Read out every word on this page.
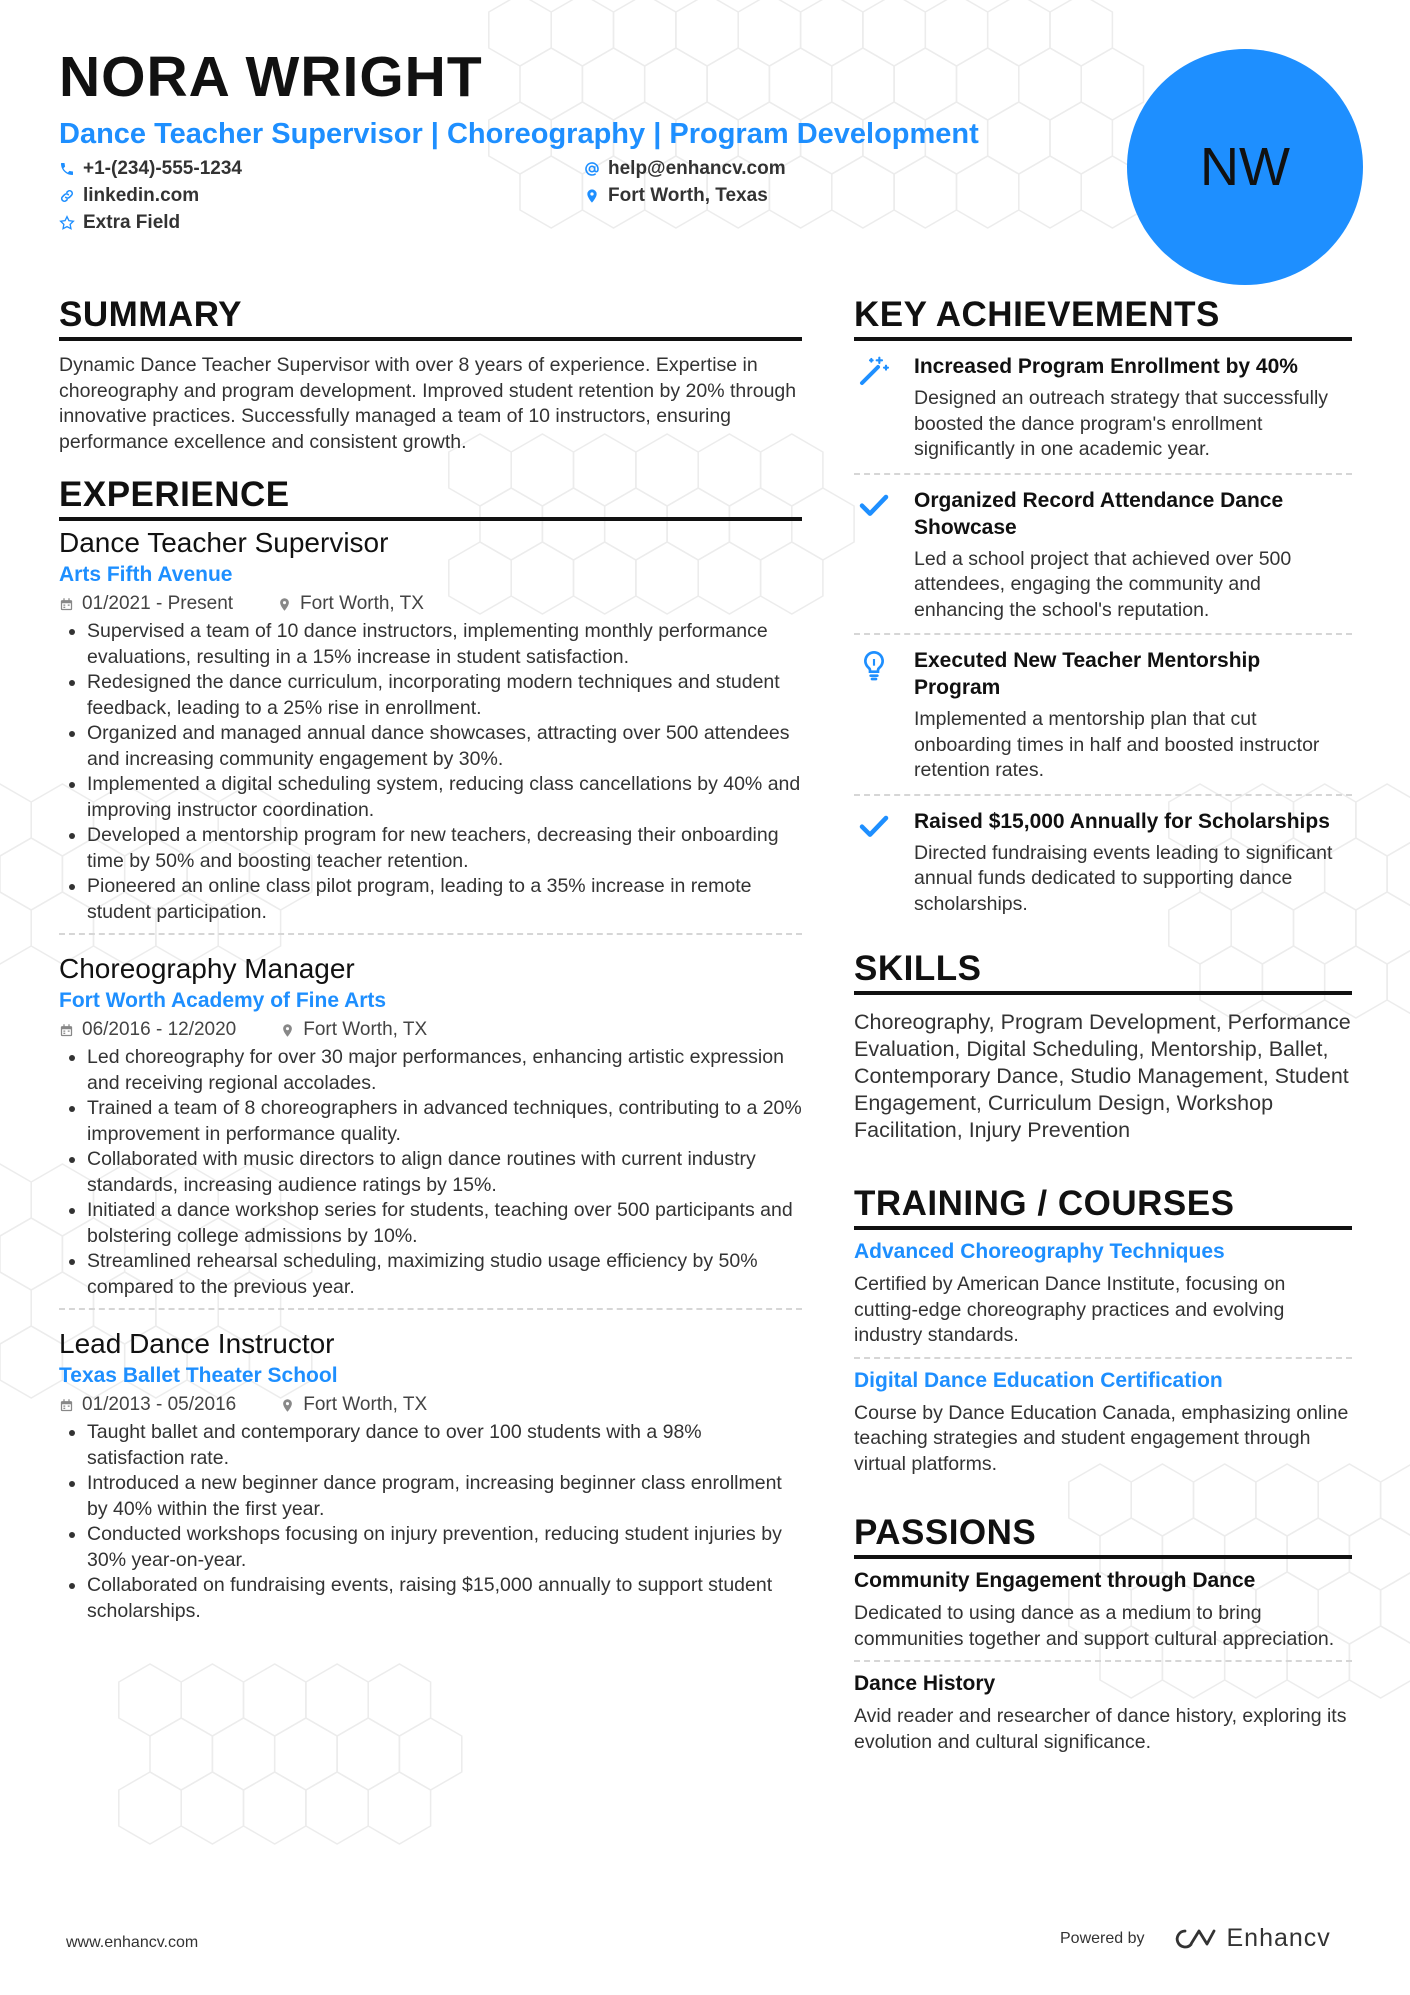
NORA WRIGHT
Dance Teacher Supervisor | Choreography | Program Development
+1-(234)-555-1234	help@enhancv.com
linkedin.com	Fort Worth, Texas
Extra Field
NW
SUMMARY
Dynamic Dance Teacher Supervisor with over 8 years of experience. Expertise in choreography and program development. Improved student retention by 20% through innovative practices. Successfully managed a team of 10 instructors, ensuring performance excellence and consistent growth.
EXPERIENCE
Dance Teacher Supervisor
Arts Fifth Avenue
01/2021 - Present	Fort Worth, TX
• Supervised a team of 10 dance instructors, implementing monthly performance evaluations, resulting in a 15% increase in student satisfaction.
• Redesigned the dance curriculum, incorporating modern techniques and student feedback, leading to a 25% rise in enrollment.
• Organized and managed annual dance showcases, attracting over 500 attendees and increasing community engagement by 30%.
• Implemented a digital scheduling system, reducing class cancellations by 40% and improving instructor coordination.
• Developed a mentorship program for new teachers, decreasing their onboarding time by 50% and boosting teacher retention.
• Pioneered an online class pilot program, leading to a 35% increase in remote student participation.
Choreography Manager
Fort Worth Academy of Fine Arts
06/2016 - 12/2020	Fort Worth, TX
• Led choreography for over 30 major performances, enhancing artistic expression and receiving regional accolades.
• Trained a team of 8 choreographers in advanced techniques, contributing to a 20% improvement in performance quality.
• Collaborated with music directors to align dance routines with current industry standards, increasing audience ratings by 15%.
• Initiated a dance workshop series for students, teaching over 500 participants and bolstering college admissions by 10%.
• Streamlined rehearsal scheduling, maximizing studio usage efficiency by 50% compared to the previous year.
Lead Dance Instructor
Texas Ballet Theater School
01/2013 - 05/2016	Fort Worth, TX
• Taught ballet and contemporary dance to over 100 students with a 98% satisfaction rate.
• Introduced a new beginner dance program, increasing beginner class enrollment by 40% within the first year.
• Conducted workshops focusing on injury prevention, reducing student injuries by 30% year-on-year.
• Collaborated on fundraising events, raising $15,000 annually to support student scholarships.
KEY ACHIEVEMENTS
Increased Program Enrollment by 40%
Designed an outreach strategy that successfully boosted the dance program's enrollment significantly in one academic year.
Organized Record Attendance Dance Showcase
Led a school project that achieved over 500 attendees, engaging the community and enhancing the school's reputation.
Executed New Teacher Mentorship Program
Implemented a mentorship plan that cut onboarding times in half and boosted instructor retention rates.
Raised $15,000 Annually for Scholarships
Directed fundraising events leading to significant annual funds dedicated to supporting dance scholarships.
SKILLS
Choreography, Program Development, Performance Evaluation, Digital Scheduling, Mentorship, Ballet, Contemporary Dance, Studio Management, Student Engagement, Curriculum Design, Workshop Facilitation, Injury Prevention
TRAINING / COURSES
Advanced Choreography Techniques
Certified by American Dance Institute, focusing on cutting-edge choreography practices and evolving industry standards.
Digital Dance Education Certification
Course by Dance Education Canada, emphasizing online teaching strategies and student engagement through virtual platforms.
PASSIONS
Community Engagement through Dance
Dedicated to using dance as a medium to bring communities together and support cultural appreciation.
Dance History
Avid reader and researcher of dance history, exploring its evolution and cultural significance.
www.enhancv.com	Powered by	Enhancv
